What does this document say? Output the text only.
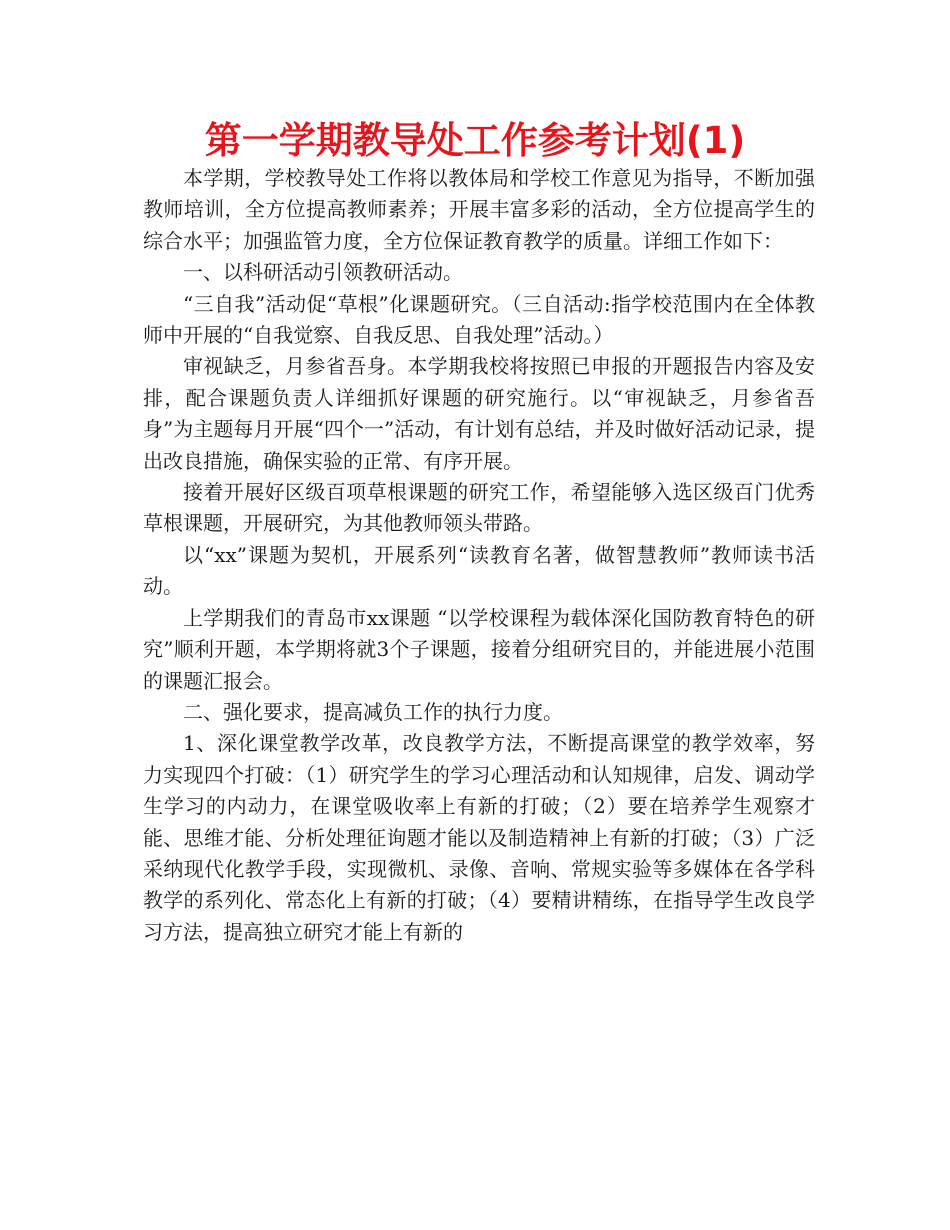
第一学期教导处工作参考计划(1)

本学期，学校教导处工作将以教体局和学校工作意见为指导，不断加强教师培训，全方位提高教师素养；开展丰富多彩的活动，全方位提高学生的综合水平；加强监管力度，全方位保证教育教学的质量。详细工作如下：

一、以科研活动引领教研活动。

“三自我”活动促“草根”化课题研究。（三自活动:指学校范围内在全体教师中开展的“自我觉察、自我反思、自我处理”活动。）

审视缺乏，月参省吾身。本学期我校将按照已申报的开题报告内容及安排，配合课题负责人详细抓好课题的研究施行。以“审视缺乏，月参省吾身”为主题每月开展“四个一”活动，有计划有总结，并及时做好活动记录，提出改良措施，确保实验的正常、有序开展。

接着开展好区级百项草根课题的研究工作，希望能够入选区级百门优秀草根课题，开展研究，为其他教师领头带路。

以“xx”课题为契机，开展系列“读教育名著，做智慧教师”教师读书活动。

上学期我们的青岛市xx课题 “以学校课程为载体深化国防教育特色的研究”顺利开题，本学期将就3个子课题，接着分组研究目的，并能进展小范围的课题汇报会。

二、强化要求，提高减负工作的执行力度。

1、深化课堂教学改革，改良教学方法，不断提高课堂的教学效率，努力实现四个打破：（1）研究学生的学习心理活动和认知规律，启发、调动学生学习的内动力，在课堂吸收率上有新的打破；（2）要在培养学生观察才能、思维才能、分析处理征询题才能以及制造精神上有新的打破；（3）广泛采纳现代化教学手段，实现微机、录像、音响、常规实验等多媒体在各学科教学的系列化、常态化上有新的打破；（4）要精讲精练，在指导学生改良学习方法，提高独立研究才能上有新的
